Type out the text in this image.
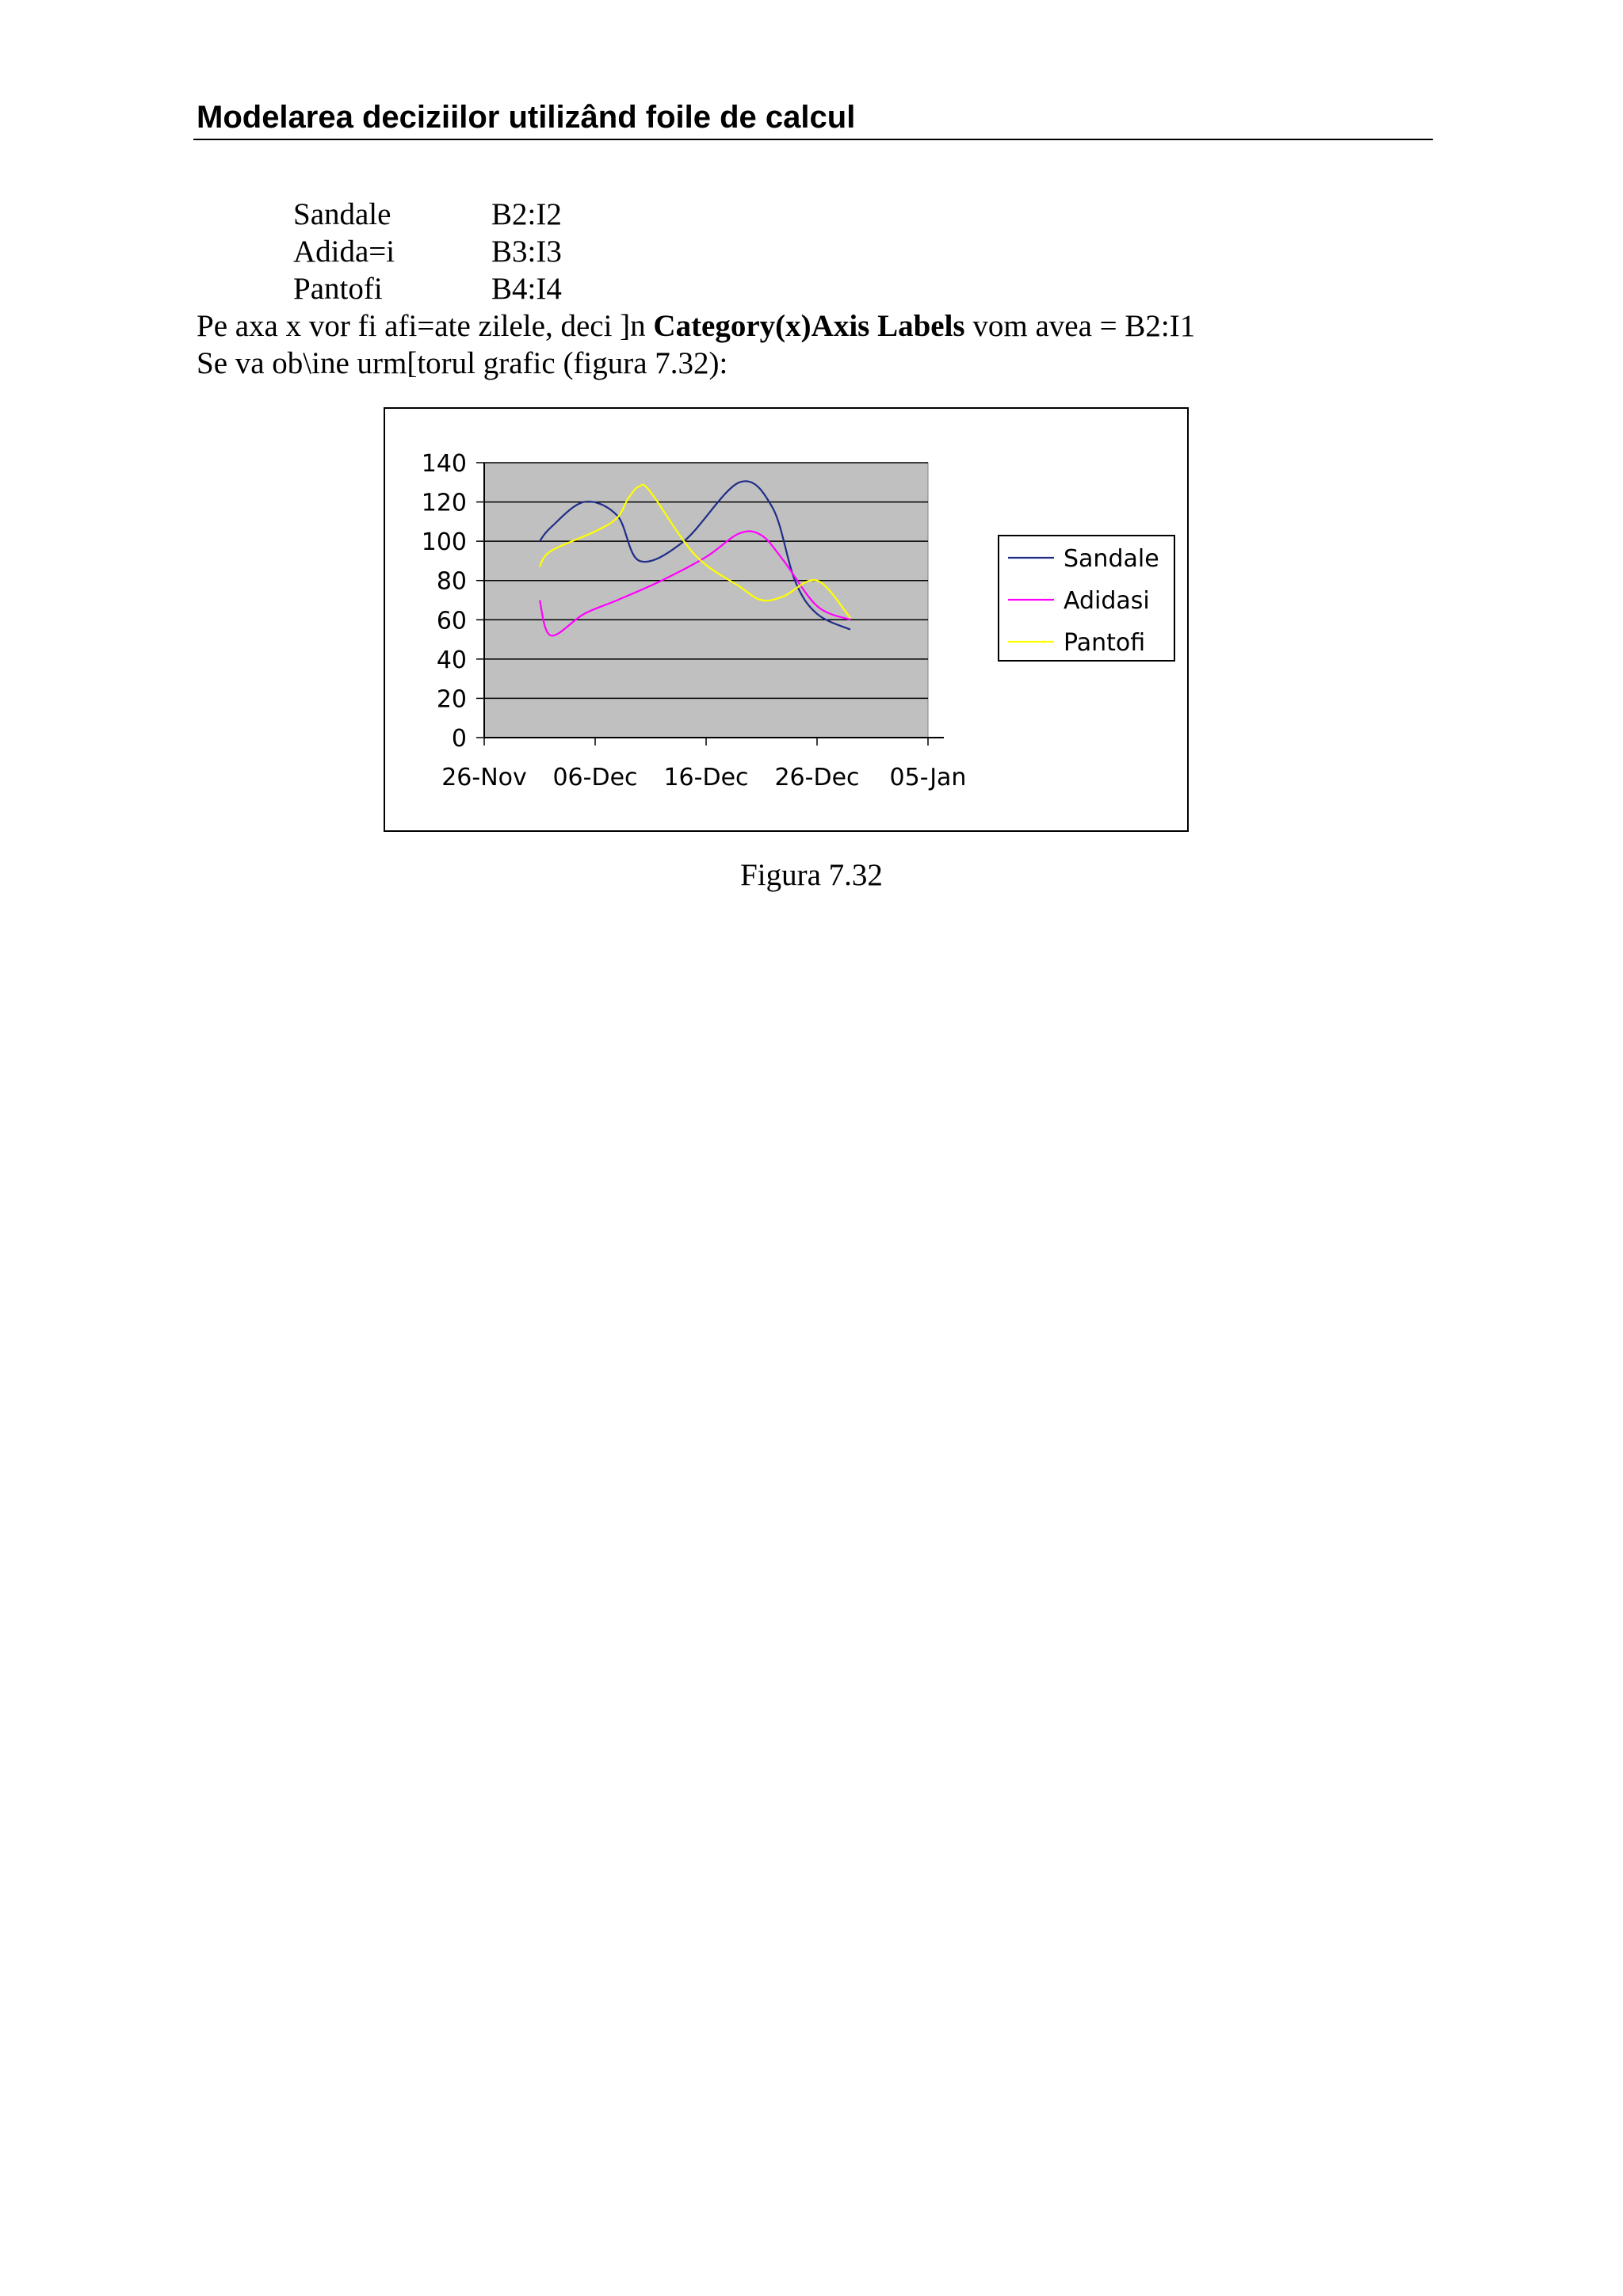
Modelarea deciziilor utilizând foile de calcul
Sandale	B2:I2
Adida=i	B3:I3
Pantofi	B4:I4
Pe axa x vor fi afi=ate zilele, deci ]n Category(x)Axis Labels vom avea = B2:I1
Se va ob\ine urm[torul grafic (figura 7.32):
0
20
40
60
80
100
120
140
26-Nov 06-Dec 16-Dec 26-Dec 05-Jan
Sandale
Adidasi
Pantofi
Figura 7.32
